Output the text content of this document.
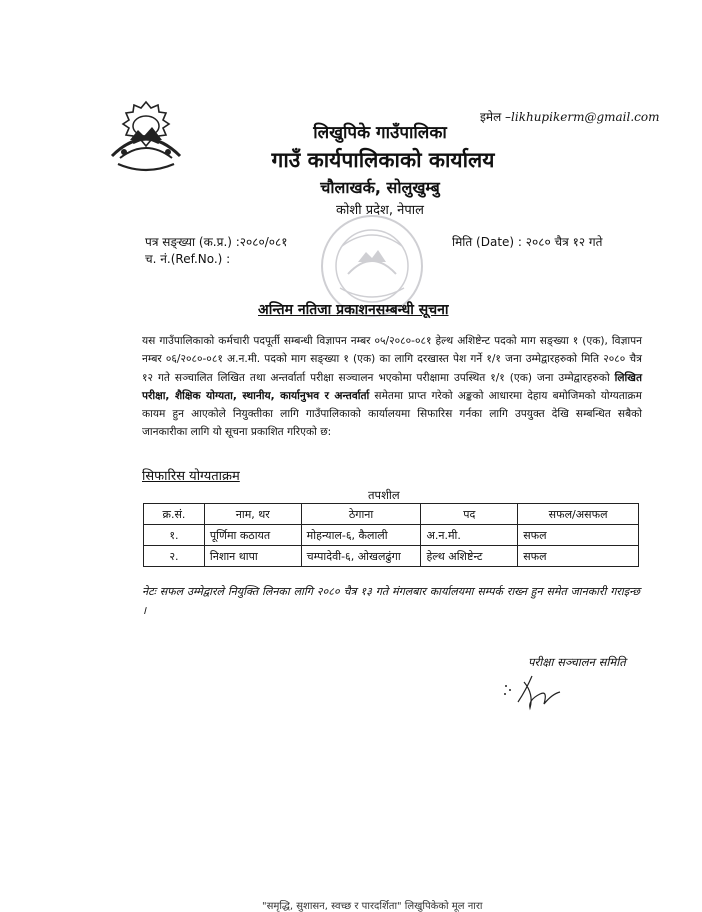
इमेल –likhupikerm@gmail.com
लिखुपिके गाउँपालिका
गाउँ कार्यपालिकाको कार्यालय
चौलाखर्क, सोलुखुम्बु
कोशी प्रदेश, नेपाल
पत्र सङ्ख्या (क.प्र.) :२०८०/०८१
च. नं.(Ref.No.) :
मिति (Date) : २०८० चैत्र १२ गते
अन्तिम नतिजा प्रकाशनसम्बन्धी सूचना
यस गाउँपालिकाको कर्मचारी पदपूर्ती सम्बन्धी विज्ञापन नम्बर ०५/२०८०-०८१ हेल्थ अशिष्टेन्ट पदको माग सङ्ख्या १ (एक), विज्ञापन नम्बर ०६/२०८०-०८१ अ.न.मी. पदको माग सङ्ख्या १ (एक) का लागि दरखास्त पेश गर्ने १/१ जना उम्मेद्वारहरुको मिति २०८० चैत्र १२ गते सञ्चालित लिखित तथा अन्तर्वार्ता परीक्षा सञ्चालन भएकोमा परीक्षामा उपस्थित १/१ (एक) जना उम्मेद्वारहरुको लिखित परीक्षा, शैक्षिक योग्यता, स्थानीय, कार्यानुभव र अन्तर्वार्ता समेतमा प्राप्त गरेको अङ्कको आधारमा देहाय बमोजिमको योग्यताक्रम कायम हुन आएकोले नियुक्तीका लागि गाउँपालिकाको कार्यालयमा सिफारिस गर्नका लागि उपयुक्त देखि सम्बन्धित सबैको जानकारीका लागि यो सूचना प्रकाशित गरिएको छ:
सिफारिस योग्यताक्रम
तपशील
क्र.सं.	नाम, थर	ठेगाना	पद	सफल/असफल
१.	पूर्णिमा कठायत	मोहन्याल-६, कैलाली	अ.न.मी.	सफल
२.	निशान थापा	चम्पादेवी-६, ओखलढुंगा	हेल्थ अशिष्टेन्ट	सफल
नेटः सफल उम्मेद्वारले नियुक्ति लिनका लागि २०८० चैत्र १३ गते मंगलबार कार्यालयमा सम्पर्क राख्न हुन समेत जानकारी गराइन्छ ।
परीक्षा सञ्चालन समिति
"समृद्धि, सुशासन, स्वच्छ र पारदर्शिता" लिखुपिकेको मूल नारा
